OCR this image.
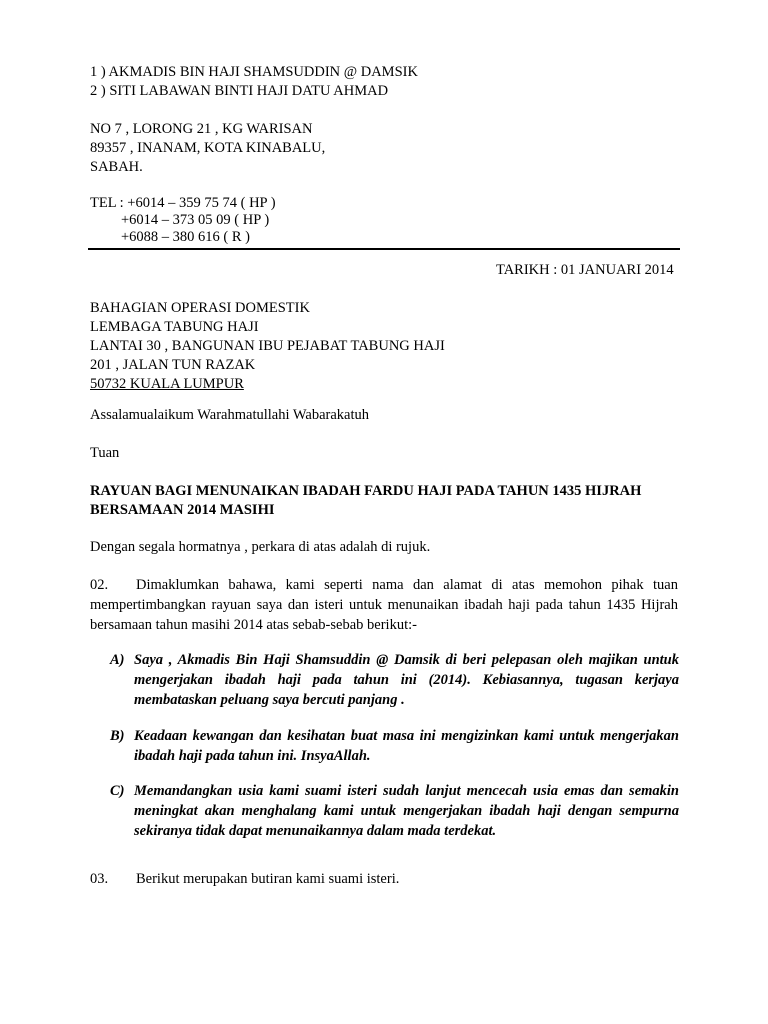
1 ) AKMADIS BIN HAJI SHAMSUDDIN @ DAMSIK
2 ) SITI LABAWAN BINTI HAJI DATU AHMAD
NO 7 , LORONG 21 , KG WARISAN
89357 , INANAM, KOTA KINABALU,
SABAH.
TEL : +6014 – 359 75 74 ( HP )
+6014 – 373 05 09 ( HP )
+6088 – 380 616 ( R )
TARIKH : 01 JANUARI 2014
BAHAGIAN OPERASI DOMESTIK
LEMBAGA TABUNG HAJI
LANTAI 30 , BANGUNAN IBU PEJABAT TABUNG HAJI
201 , JALAN TUN RAZAK
50732 KUALA LUMPUR
Assalamualaikum Warahmatullahi Wabarakatuh
Tuan
RAYUAN BAGI MENUNAIKAN IBADAH FARDU HAJI PADA TAHUN 1435 HIJRAH
BERSAMAAN 2014 MASIHI
Dengan segala hormatnya , perkara di atas adalah di rujuk.
02.	Dimaklumkan bahawa, kami seperti nama dan alamat di atas memohon pihak tuan mempertimbangkan rayuan saya dan isteri untuk menunaikan ibadah haji pada tahun 1435 Hijrah bersamaan tahun masihi 2014 atas sebab-sebab berikut:-
A) Saya , Akmadis Bin Haji Shamsuddin @ Damsik di beri pelepasan oleh majikan untuk mengerjakan ibadah haji pada tahun ini (2014). Kebiasannya, tugasan kerjaya membataskan peluang saya bercuti panjang .
B) Keadaan kewangan dan kesihatan buat masa ini mengizinkan kami untuk mengerjakan ibadah haji pada tahun ini. InsyaAllah.
C) Memandangkan usia kami suami isteri sudah lanjut mencecah usia emas dan semakin meningkat akan menghalang kami untuk mengerjakan ibadah haji dengan sempurna sekiranya tidak dapat menunaikannya dalam mada terdekat.
03. Berikut merupakan butiran kami suami isteri.
